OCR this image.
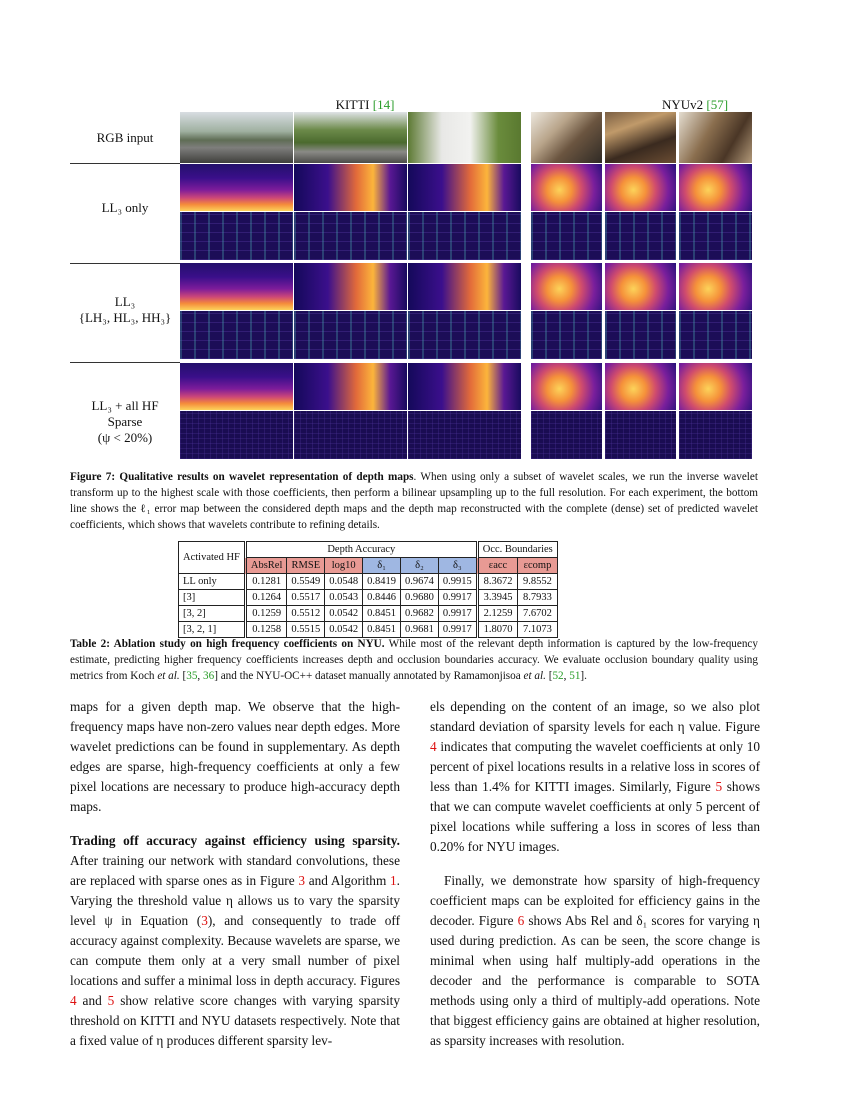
KITTI [14]	NYUv2 [57]
RGB input
LL₃ only
LL₃
{LH₃, HL₃, HH₃}
LL₃ + all HF
Sparse
(ψ < 20%)
Figure 7: Qualitative results on wavelet representation of depth maps. When using only a subset of wavelet scales, we run the inverse wavelet transform up to the highest scale with those coefficients, then perform a bilinear upsampling up to the full resolution. For each experiment, the bottom line shows the ℓ₁ error map between the considered depth maps and the depth map reconstructed with the complete (dense) set of predicted wavelet coefficients, which shows that wavelets contribute to refining details.
Activated HF	Depth Accuracy						Occ. Boundaries	
	AbsRel	RMSE	log10	δ₁	δ₂	δ₃	εacc	εcomp
LL only	0.1281	0.5549	0.0548	0.8419	0.9674	0.9915	8.3672	9.8552
[3]	0.1264	0.5517	0.0543	0.8446	0.9680	0.9917	3.3945	8.7933
[3, 2]	0.1259	0.5512	0.0542	0.8451	0.9682	0.9917	2.1259	7.6702
[3, 2, 1]	0.1258	0.5515	0.0542	0.8451	0.9681	0.9917	1.8070	7.1073
Table 2: Ablation study on high frequency coefficients on NYU. While most of the relevant depth information is captured by the low-frequency estimate, predicting higher frequency coefficients increases depth and occlusion boundaries accuracy. We evaluate occlusion boundary quality using metrics from Koch et al. [35, 36] and the NYU-OC++ dataset manually annotated by Ramamonjisoa et al. [52, 51].

maps for a given depth map. We observe that the high-frequency maps have non-zero values near depth edges. More wavelet predictions can be found in supplementary. As depth edges are sparse, high-frequency coefficients at only a few pixel locations are necessary to produce high-accuracy depth maps.

Trading off accuracy against efficiency using sparsity. After training our network with standard convolutions, these are replaced with sparse ones as in Figure 3 and Algorithm 1. Varying the threshold value η allows us to vary the sparsity level ψ in Equation (3), and consequently to trade off accuracy against complexity. Because wavelets are sparse, we can compute them only at a very small number of pixel locations and suffer a minimal loss in depth accuracy. Figures 4 and 5 show relative score changes with varying sparsity threshold on KITTI and NYU datasets respectively. Note that a fixed value of η produces different sparsity lev-

els depending on the content of an image, so we also plot standard deviation of sparsity levels for each η value. Figure 4 indicates that computing the wavelet coefficients at only 10 percent of pixel locations results in a relative loss in scores of less than 1.4% for KITTI images. Similarly, Figure 5 shows that we can compute wavelet coefficients at only 5 percent of pixel locations while suffering a loss in scores of less than 0.20% for NYU images.

Finally, we demonstrate how sparsity of high-frequency coefficient maps can be exploited for efficiency gains in the decoder. Figure 6 shows Abs Rel and δ₁ scores for varying η used during prediction. As can be seen, the score change is minimal when using half multiply-add operations in the decoder and the performance is comparable to SOTA methods using only a third of multiply-add operations. Note that biggest efficiency gains are obtained at higher resolution, as sparsity increases with resolution.
